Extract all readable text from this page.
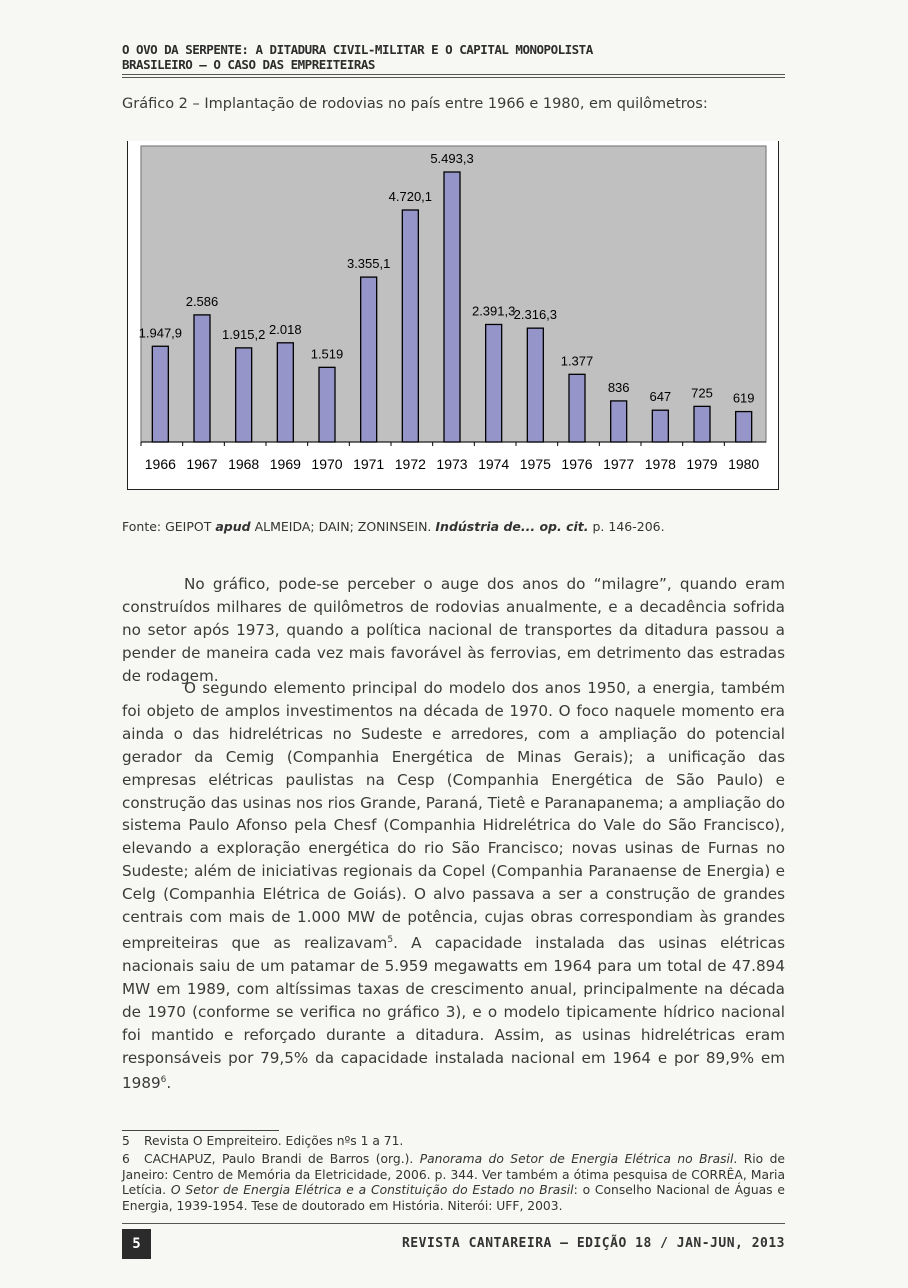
O OVO DA SERPENTE: A DITADURA CIVIL-MILITAR E O CAPITAL MONOPOLISTA BRASILEIRO – O CASO DAS EMPREITEIRAS
Gráfico 2 – Implantação de rodovias no país entre 1966 e 1980, em quilômetros:
1.947,9
1966
2.586
1967
1.915,2
1968
2.018
1969
1.519
1970
3.355,1
1971
4.720,1
1972
5.493,3
1973
2.391,3
1974
2.316,3
1975
1.377
1976
836
1977
647
1978
725
1979
619
1980
Fonte: GEIPOT apud ALMEIDA; DAIN; ZONINSEIN. Indústria de... op. cit. p. 146-206.

No gráfico, pode-se perceber o auge dos anos do “milagre”, quando eram construídos milhares de quilômetros de rodovias anualmente, e a decadência sofrida no setor após 1973, quando a política nacional de transportes da ditadura passou a pender de maneira cada vez mais favorável às ferrovias, em detrimento das estradas de rodagem.

O segundo elemento principal do modelo dos anos 1950, a energia, também foi objeto de amplos investimentos na década de 1970. O foco naquele momento era ainda o das hidrelétricas no Sudeste e arredores, com a ampliação do potencial gerador da Cemig (Companhia Energética de Minas Gerais); a unificação das empresas elétricas paulistas na Cesp (Companhia Energética de São Paulo) e construção das usinas nos rios Grande, Paraná, Tietê e Paranapanema; a ampliação do sistema Paulo Afonso pela Chesf (Companhia Hidrelétrica do Vale do São Francisco), elevando a exploração energética do rio São Francisco; novas usinas de Furnas no Sudeste; além de iniciativas regionais da Copel (Companhia Paranaense de Energia) e Celg (Companhia Elétrica de Goiás). O alvo passava a ser a construção de grandes centrais com mais de 1.000 MW de potência, cujas obras correspondiam às grandes empreiteiras que as realizavam$^5$. A capacidade instalada das usinas elétricas nacionais saiu de um patamar de 5.959 megawatts em 1964 para um total de 47.894 MW em 1989, com altíssimas taxas de crescimento anual, principalmente na década de 1970 (conforme se verifica no gráfico 3), e o modelo tipicamente hídrico nacional foi mantido e reforçado durante a ditadura. Assim, as usinas hidrelétricas eram responsáveis por 79,5% da capacidade instalada nacional em 1964 e por 89,9% em 1989$^6$.

5 Revista O Empreiteiro. Edições nºs 1 a 71.
6 CACHAPUZ, Paulo Brandi de Barros (org.). Panorama do Setor de Energia Elétrica no Brasil. Rio de Janeiro: Centro de Memória da Eletricidade, 2006. p. 344. Ver também a ótima pesquisa de CORRÊA, Maria Letícia. O Setor de Energia Elétrica e a Constituição do Estado no Brasil: o Conselho Nacional de Águas e Energia, 1939-1954. Tese de doutorado em História. Niterói: UFF, 2003.
5	REVISTA CANTAREIRA – EDIÇÃO 18 / JAN-JUN, 2013
